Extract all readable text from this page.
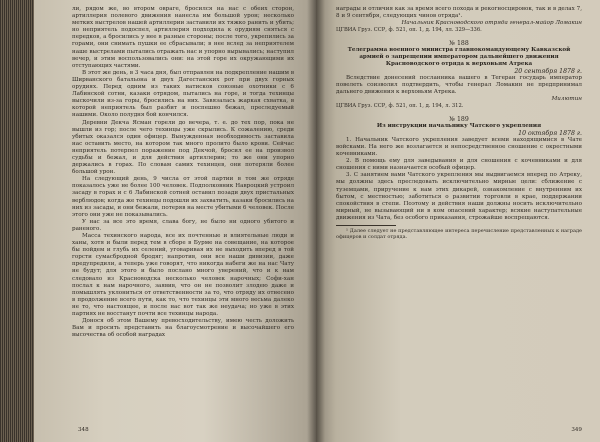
ли, рядом же, во втором овраге, бросился на нас с обеих сторон, артиллерия полевого движения нанесла им большой урон; несколько метких выстрелов нашей артиллерии заставили их тяжко ранить и убить; но неприятель подоспел, артиллерия подходила к орудиям сняться с передков, а бросились у нее в разные стороны; после того, укрепились за горами, они снимать пушки ее сбрасывали; в нее вслед за неприятелем наше выстрелами пытались отражать нас и упорно вырывались; наступил вечер, и этим воспользовались они: на этой горе их окружающими их отступающих частями.

В этот же день, в 3 часа дня, был отправлен на подкрепление нашим в Ширванского батальона и двух Дагестанских рот при двух горных орудиях. Перед одним из таких натисков союзные охотники с 6 Лабинской сотни, казаки отрядом, пытались на горе, и тогда техинцы выскочили из-за горы, бросились на них. Завязалась жаркая схватка, в которой неприятель был разбит и поспешно бежал, преследуемый нашими. Около полудня бой кончился.

Деревни Декча Ясман горели до вечера, т. е. до тех пор, пока не вышли из гор; после чего техинцы уже скрылись. К сожалению, среди убитых оказался один офицер. Вынужденная необходимость заставила нас оставить место, на котором так много пролито было крови. Сейчас неприятель потерпел поражение под Декчой, бросил ее на произвол судьбы и бежал, и для действия артиллерии; то же они упорно держались в горах. По словам самих техинцев, они потеряли более большой урон.

На следующий день, 9 числа от этой партии в том же отряде показалось уже не более 100 человек. Подполковник Навроцкий устроил засаду в горах и с 6 Лабинской сотней оставил позади двух пристальных верблюдов; когда же техинцы подошли их захватить, казаки бросились на них из засады, и они бежали, потеряв на месте убитыми 6 человек. После этого они уже не показывались.

У нас за все это время, слава богу, не было ни одного убитого и раненого.

Масса техинского народа, все их почтенные и влиятельные люди и ханы, хотя и были перед тем в сборе в Бурме на совещание, на которое бы пойдем и глубь их селений, уговаривая их не выходить вперед в той горсти сумасбродной бродяг; напротив, они все наши дивизии, даже предупредили, а теперь уже говорят, что никогда набеги же на нас Чату не будут; для этого и было послано много уверений, что и к нам следовало из Красноводска несколько человек нарочных; Софи-хан послал к нам нарочного, заявив, что он не позволит злодею даже и помышлять уклониться от ответственности за то, что отряду их отнесено в продолжение всего пути, как то, что техинцы эти много весьма далеко не то, что настоящее, и после нас вот так же неудача; но уже в этих партиях не восстанут почти все техинцы народа.

Донося об этом Вашему превосходительству, имею честь доложить Вам и просить представить на благоусмотрение и высочайшего его высочества об особой наградах

348

награды и отличия как за время всего похода и рекогносцировок, так и в делах 7, 8 и 9 сентября, следующих чинов отряда¹.

Начальник Красноводского отряда генерал-майор Ломакин

ЦГВИА Груз. ССР, ф. 521, оп. 1, д. 194, лл. 329—336.

№ 188

Телеграмма военного министра главнокомандующему Кавказской армией о запрещении императором дальнейшего движения Красноводского отряда к верховьям Атрека

20 сентября 1878 г.

Вследствие донесений посланника вашего в Тегеран государь император повелеть соизволил подтвердить, чтобы генерал Ломакин не предпринимал дальнего движения к верховьям Атрека.

Милютин

ЦГВИА Груз. ССР, ф. 521, оп. 1, д. 194, л. 312.

№ 189

Из инструкции начальнику Чатского укрепления

10 октября 1878 г.

1. Начальник Чатского укрепления заведует всеми находящимися в Чате войсками. На него же возлагается и непосредственное сношение с окрестными кочевниками.

2. В помощь ему для заведывания и для сношения с кочевниками и для сношения с ними назначается особый офицер.

3. С занятием вами Чатского укрепления мы выдвигаемся вперед по Атреку, мы должны здесь преследовать исключительно мирные цели: сближение с туземцами, приручение к нам этих дикарей, ознакомление с внутренним их бытом, с местностью; заботиться о развитии торговли в крае, поддержании спокойствия в степи. Поэтому и действия наши должны носить исключительно мирный, не вызывающий ни в ком опасений характер; всякие наступательные движения из Чата, без особого приказания, строжайше воспрещаются.

¹ Далее следует не представляющее интереса перечисление представленных к награде офицеров и солдат отряда.

349
